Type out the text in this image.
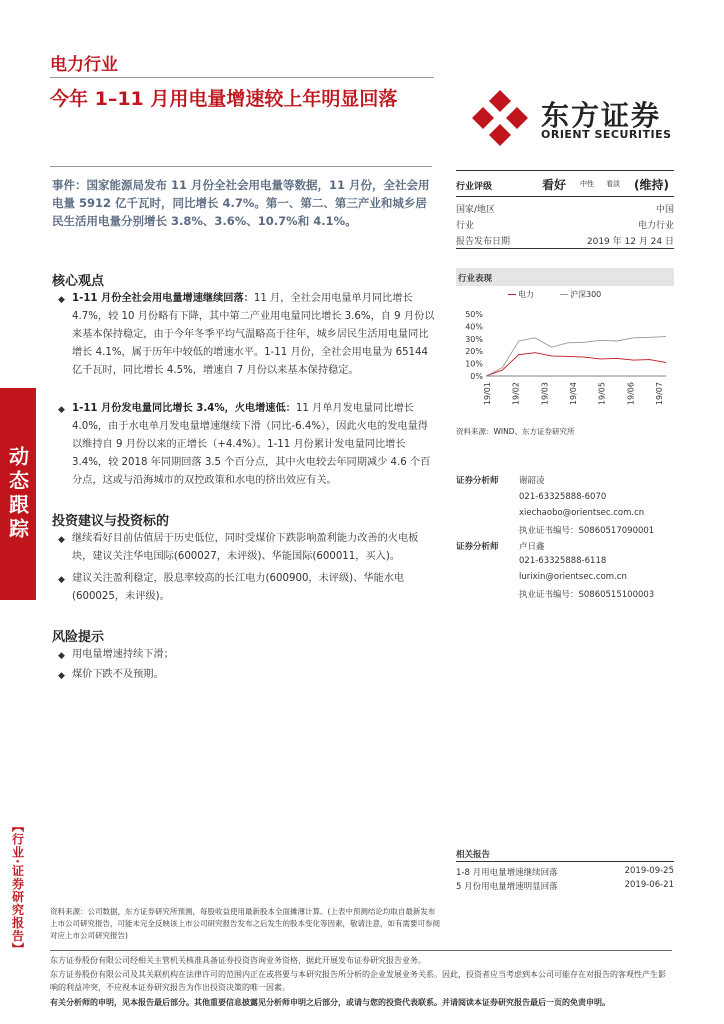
动态跟踪
【行业·证券研究报告】
电力行业
今年 1–11 月用电量增速较上年明显回落	东方证券
ORIENT SECURITIES
事件：国家能源局发布 11 月份全社会用电量等数据，11 月份，全社会用电量 5912 亿千瓦时，同比增长 4.7%。第一、第二、第三产业和城乡居民生活用电量分别增长 3.8%、3.6%、10.7%和 4.1%。
核心观点
◆ 1-11 月份全社会用电量增速继续回落：11 月，全社会用电量单月同比增长 4.7%，较 10 月份略有下降，其中第二产业用电量同比增长 3.6%，自 9 月份以来基本保持稳定，由于今年冬季平均气温略高于往年，城乡居民生活用电量同比增长 4.1%，属于历年中较低的增速水平。1-11 月份，全社会用电量为 65144 亿千瓦时，同比增长 4.5%，增速自 7 月份以来基本保持稳定。
◆ 1-11 月份发电量同比增长 3.4%，火电增速低：11 月单月发电量同比增长 4.0%，由于水电单月发电量增速继续下滑（同比-6.4%），因此火电的发电量得以维持自 9 月份以来的正增长（+4.4%）。1-11 月份累计发电量同比增长 3.4%，较 2018 年同期回落 3.5 个百分点，其中火电较去年同期减少 4.6 个百分点，这或与沿海城市的双控政策和水电的挤出效应有关。
投资建议与投资标的
◆ 继续看好目前估值居于历史低位，同时受煤价下跌影响盈利能力改善的火电板块，建议关注华电国际(600027，未评级)、华能国际(600011，买入)。
◆ 建议关注盈利稳定，股息率较高的长江电力(600900，未评级)、华能水电(600025，未评级)。
风险提示
◆ 用电量增速持续下滑；
◆ 煤价下跌不及预期。
行业评级	看好 中性 看淡 (维持)
国家/地区	中国
行业	电力行业
报告发布日期	2019 年 12 月 24 日
行业表现
电力	沪深300
50%
40%
30%
20%
10%
0%
19/01 19/02 19/03 19/04 19/05 19/06 19/07
资料来源：WIND、东方证券研究所
证券分析师 谢韶凌
021-63325888-6070
xiechaobo@orientsec.com.cn
执业证书编号：S0860517090001
证券分析师 卢日鑫
021-63325888-6118
lurixin@orientsec.com.cn
执业证书编号：S0860515100003
相关报告
1-8 月用电量增速继续回落	2019-09-25
5 月份用电量增速明显回落	2019-06-21
资料来源：公司数据，东方证券研究所预测，每股收益使用最新股本全面摊薄计算。(上表中预测结论均取自最新发布上市公司研究报告，可能未完全反映该上市公司研究报告发布之后发生的股本变化等因素，敬请注意，如有需要可参阅对应上市公司研究报告)
东方证券股份有限公司经相关主管机关核准具备证券投资咨询业务资格，据此开展发布证券研究报告业务。
东方证券股份有限公司及其关联机构在法律许可的范围内正在或将要与本研究报告所分析的企业发展业务关系。因此，投资者应当考虑到本公司可能存在对报告的客观性产生影响的利益冲突，不应视本证券研究报告为作出投资决策的唯一因素。
有关分析师的申明，见本报告最后部分。其他重要信息披露见分析师申明之后部分，或请与您的投资代表联系。并请阅读本证券研究报告最后一页的免责申明。
